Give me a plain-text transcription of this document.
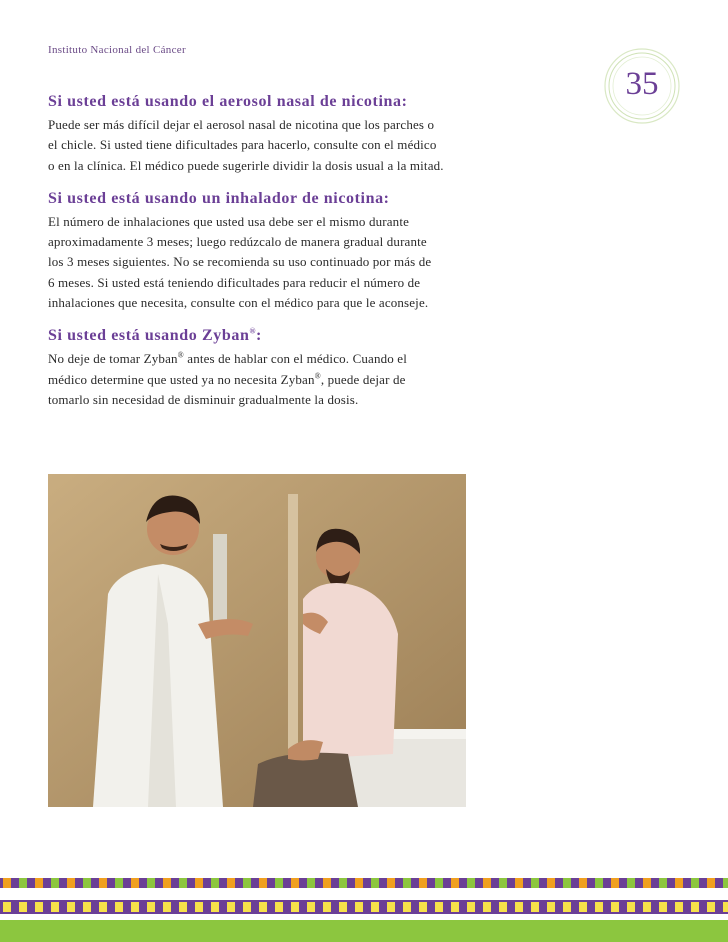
Instituto Nacional del Cáncer
35
Si usted está usando el aerosol nasal de nicotina:

Puede ser más difícil dejar el aerosol nasal de nicotina que los parches o
el chicle. Si usted tiene dificultades para hacerlo, consulte con el médico
o en la clínica. El médico puede sugerirle dividir la dosis usual a la mitad.

Si usted está usando un inhalador de nicotina:

El número de inhalaciones que usted usa debe ser el mismo durante
aproximadamente 3 meses; luego redúzcalo de manera gradual durante
los 3 meses siguientes. No se recomienda su uso continuado por más de
6 meses. Si usted está teniendo dificultades para reducir el número de
inhalaciones que necesita, consulte con el médico para que le aconseje.

Si usted está usando Zyban®:

No deje de tomar Zyban® antes de hablar con el médico. Cuando el
médico determine que usted ya no necesita Zyban®, puede dejar de
tomarlo sin necesidad de disminuir gradualmente la dosis.
